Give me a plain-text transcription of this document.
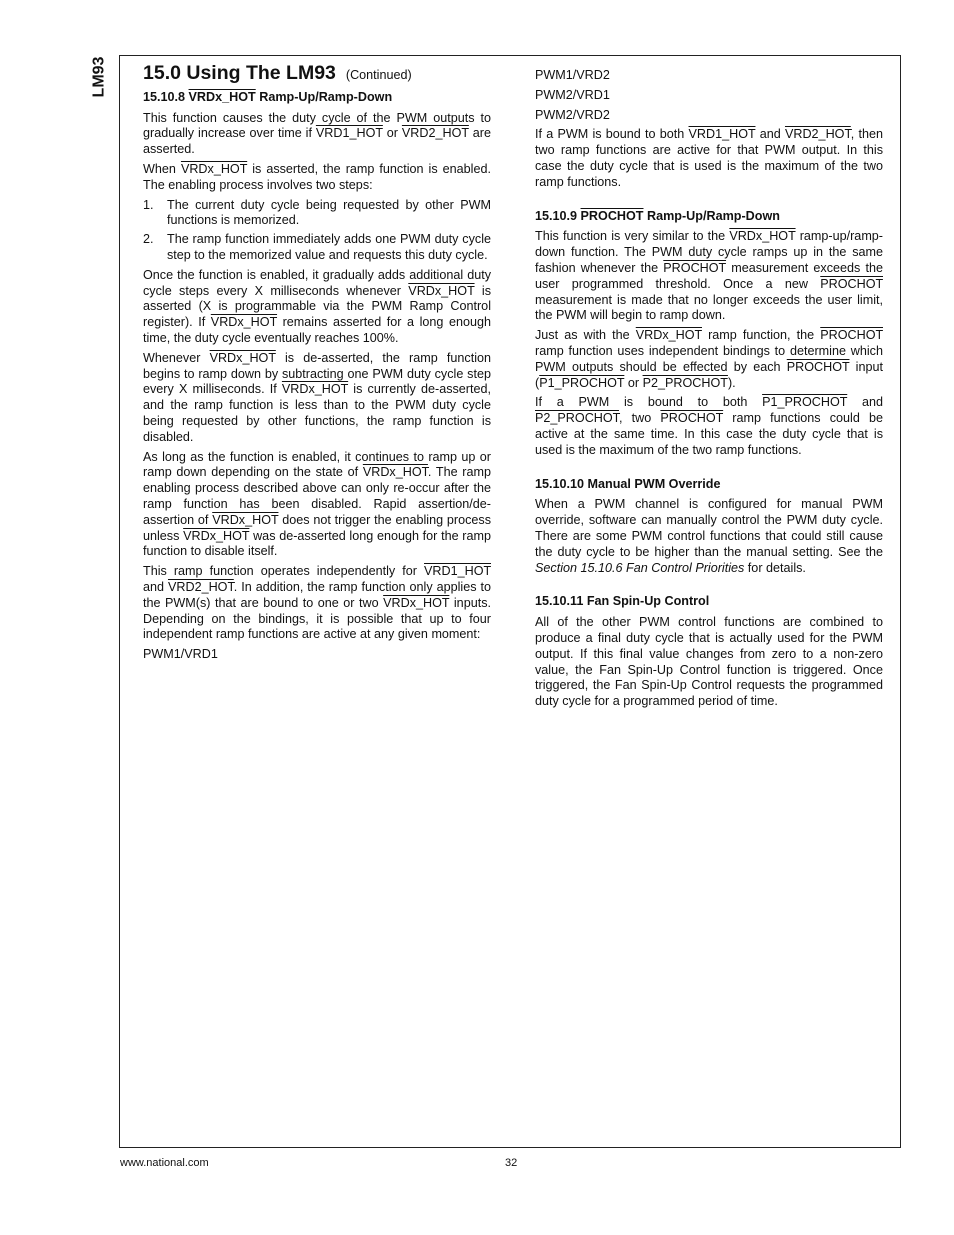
LM93 15.0 Using The LM93 (Continued)
15.10.8 VRDx_HOT Ramp-Up/Ramp-Down

This function causes the duty cycle of the PWM outputs to gradually increase over time if VRD1_HOT or VRD2_HOT are asserted.

When VRDx_HOT is asserted, the ramp function is enabled. The enabling process involves two steps:

1. The current duty cycle being requested by other PWM functions is memorized.
2. The ramp function immediately adds one PWM duty cycle step to the memorized value and requests this duty cycle.

Once the function is enabled, it gradually adds additional duty cycle steps every X milliseconds whenever VRDx_HOT is asserted (X is programmable via the PWM Ramp Control register). If VRDx_HOT remains asserted for a long enough time, the duty cycle eventually reaches 100%.

Whenever VRDx_HOT is de-asserted, the ramp function begins to ramp down by subtracting one PWM duty cycle step every X milliseconds. If VRDx_HOT is currently de-asserted, and the ramp function is less than to the PWM duty cycle being requested by other functions, the ramp function is disabled.

As long as the function is enabled, it continues to ramp up or ramp down depending on the state of VRDx_HOT. The ramp enabling process described above can only re-occur after the ramp function has been disabled. Rapid assertion/de-assertion of VRDx_HOT does not trigger the enabling process unless VRDx_HOT was de-asserted long enough for the ramp function to disable itself.

This ramp function operates independently for VRD1_HOT and VRD2_HOT. In addition, the ramp function only applies to the PWM(s) that are bound to one or two VRDx_HOT inputs. Depending on the bindings, it is possible that up to four independent ramp functions are active at any given moment:

PWM1/VRD1
PWM1/VRD2
PWM2/VRD1
PWM2/VRD2

If a PWM is bound to both VRD1_HOT and VRD2_HOT, then two ramp functions are active for that PWM output. In this case the duty cycle that is used is the maximum of the two ramp functions.

15.10.9 PROCHOT Ramp-Up/Ramp-Down

This function is very similar to the VRDx_HOT ramp-up/ramp-down function. The PWM duty cycle ramps up in the same fashion whenever the PROCHOT measurement exceeds the user programmed threshold. Once a new PROCHOT measurement is made that no longer exceeds the user limit, the PWM will begin to ramp down.

Just as with the VRDx_HOT ramp function, the PROCHOT ramp function uses independent bindings to determine which PWM outputs should be effected by each PROCHOT input (P1_PROCHOT or P2_PROCHOT).

If a PWM is bound to both P1_PROCHOT and P2_PROCHOT, two PROCHOT ramp functions could be active at the same time. In this case the duty cycle that is used is the maximum of the two ramp functions.

15.10.10 Manual PWM Override

When a PWM channel is configured for manual PWM override, software can manually control the PWM duty cycle. There are some PWM control functions that could still cause the duty cycle to be higher than the manual setting. See the Section 15.10.6 Fan Control Priorities for details.

15.10.11 Fan Spin-Up Control

All of the other PWM control functions are combined to produce a final duty cycle that is actually used for the PWM output. If this final value changes from zero to a non-zero value, the Fan Spin-Up Control function is triggered. Once triggered, the Fan Spin-Up Control requests the programmed duty cycle for a programmed period of time.

www.national.com	32
